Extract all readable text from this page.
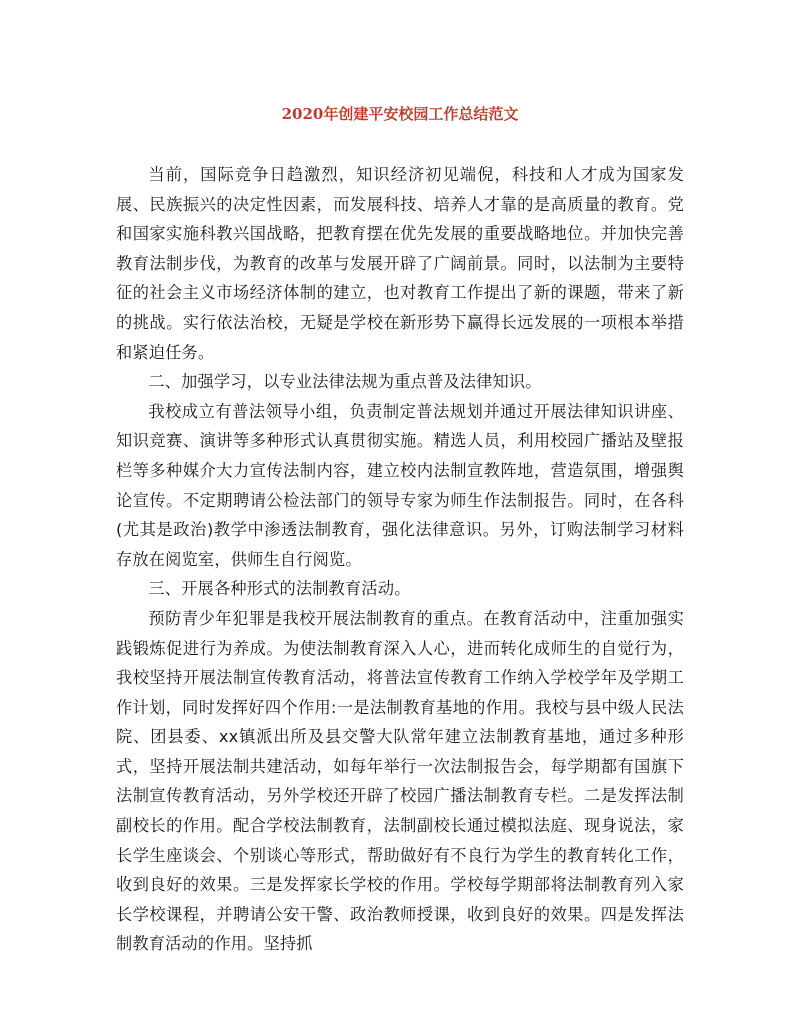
2020年创建平安校园工作总结范文

当前，国际竞争日趋激烈，知识经济初见端倪，科技和人才成为国家发展、民族振兴的决定性因素，而发展科技、培养人才靠的是高质量的教育。党和国家实施科教兴国战略，把教育摆在优先发展的重要战略地位。并加快完善教育法制步伐，为教育的改革与发展开辟了广阔前景。同时，以法制为主要特征的社会主义市场经济体制的建立，也对教育工作提出了新的课题，带来了新的挑战。实行依法治校，无疑是学校在新形势下赢得长远发展的一项根本举措和紧迫任务。

二、加强学习，以专业法律法规为重点普及法律知识。

我校成立有普法领导小组，负责制定普法规划并通过开展法律知识讲座、知识竞赛、演讲等多种形式认真贯彻实施。精选人员，利用校园广播站及壁报栏等多种媒介大力宣传法制内容，建立校内法制宣教阵地，营造氛围，增强舆论宣传。不定期聘请公检法部门的领导专家为师生作法制报告。同时，在各科(尤其是政治)教学中渗透法制教育，强化法律意识。另外，订购法制学习材料存放在阅览室，供师生自行阅览。

三、开展各种形式的法制教育活动。

预防青少年犯罪是我校开展法制教育的重点。在教育活动中，注重加强实践锻炼促进行为养成。为使法制教育深入人心，进而转化成师生的自觉行为，我校坚持开展法制宣传教育活动，将普法宣传教育工作纳入学校学年及学期工作计划，同时发挥好四个作用:一是法制教育基地的作用。我校与县中级人民法院、团县委、xx镇派出所及县交警大队常年建立法制教育基地，通过多种形式，坚持开展法制共建活动，如每年举行一次法制报告会，每学期都有国旗下法制宣传教育活动，另外学校还开辟了校园广播法制教育专栏。二是发挥法制副校长的作用。配合学校法制教育，法制副校长通过模拟法庭、现身说法，家长学生座谈会、个别谈心等形式，帮助做好有不良行为学生的教育转化工作，收到良好的效果。三是发挥家长学校的作用。学校每学期部将法制教育列入家长学校课程，并聘请公安干警、政治教师授课，收到良好的效果。四是发挥法制教育活动的作用。坚持抓
